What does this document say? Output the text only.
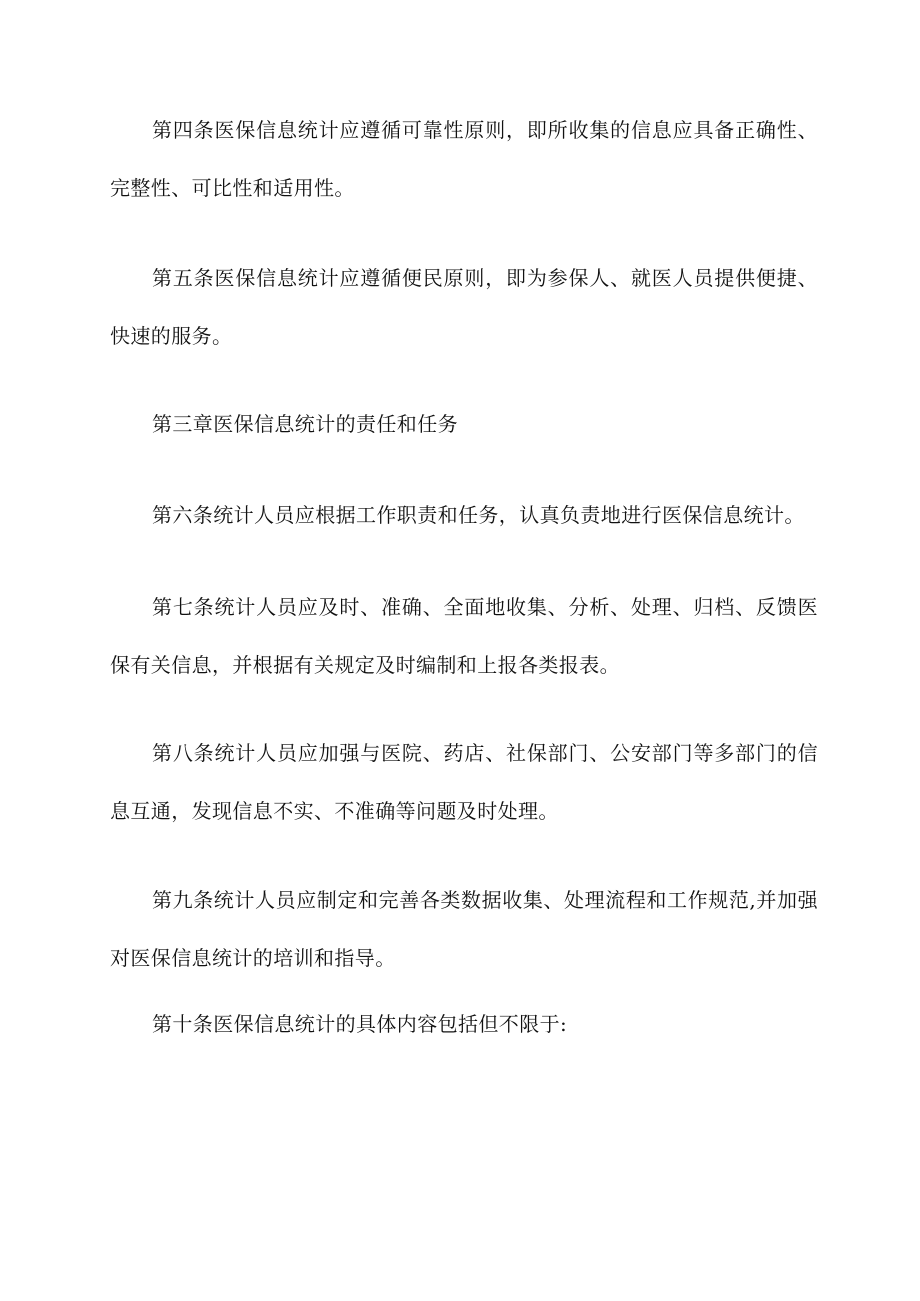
第四条医保信息统计应遵循可靠性原则，即所收集的信息应具备正确性、完整性、可比性和适用性。

第五条医保信息统计应遵循便民原则，即为参保人、就医人员提供便捷、快速的服务。

第三章医保信息统计的责任和任务

第六条统计人员应根据工作职责和任务，认真负责地进行医保信息统计。

第七条统计人员应及时、准确、全面地收集、分析、处理、归档、反馈医保有关信息，并根据有关规定及时编制和上报各类报表。

第八条统计人员应加强与医院、药店、社保部门、公安部门等多部门的信息互通，发现信息不实、不准确等问题及时处理。

第九条统计人员应制定和完善各类数据收集、处理流程和工作规范,并加强对医保信息统计的培训和指导。

第十条医保信息统计的具体内容包括但不限于:
